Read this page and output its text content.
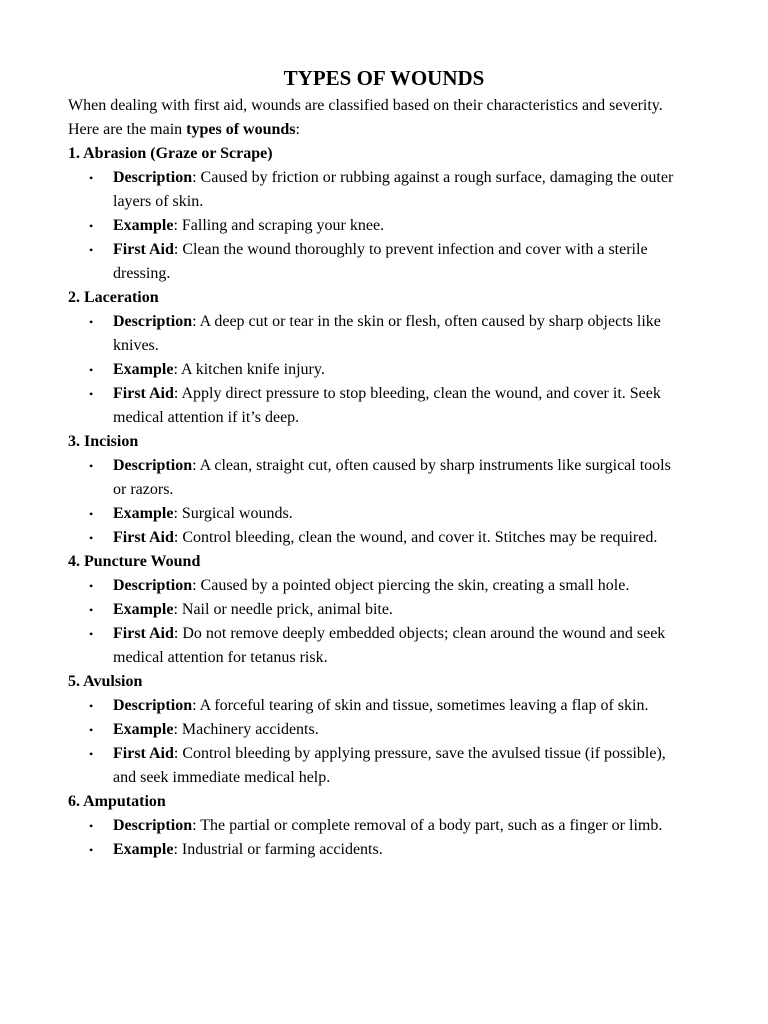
TYPES OF WOUNDS

When dealing with first aid, wounds are classified based on their characteristics and severity. Here are the main types of wounds:

1. Abrasion (Graze or Scrape)
• Description: Caused by friction or rubbing against a rough surface, damaging the outer layers of skin.
• Example: Falling and scraping your knee.
• First Aid: Clean the wound thoroughly to prevent infection and cover with a sterile dressing.
2. Laceration
• Description: A deep cut or tear in the skin or flesh, often caused by sharp objects like knives.
• Example: A kitchen knife injury.
• First Aid: Apply direct pressure to stop bleeding, clean the wound, and cover it. Seek medical attention if it’s deep.
3. Incision
• Description: A clean, straight cut, often caused by sharp instruments like surgical tools or razors.
• Example: Surgical wounds.
• First Aid: Control bleeding, clean the wound, and cover it. Stitches may be required.
4. Puncture Wound
• Description: Caused by a pointed object piercing the skin, creating a small hole.
• Example: Nail or needle prick, animal bite.
• First Aid: Do not remove deeply embedded objects; clean around the wound and seek medical attention for tetanus risk.
5. Avulsion
• Description: A forceful tearing of skin and tissue, sometimes leaving a flap of skin.
• Example: Machinery accidents.
• First Aid: Control bleeding by applying pressure, save the avulsed tissue (if possible), and seek immediate medical help.
6. Amputation
• Description: The partial or complete removal of a body part, such as a finger or limb.
• Example: Industrial or farming accidents.
